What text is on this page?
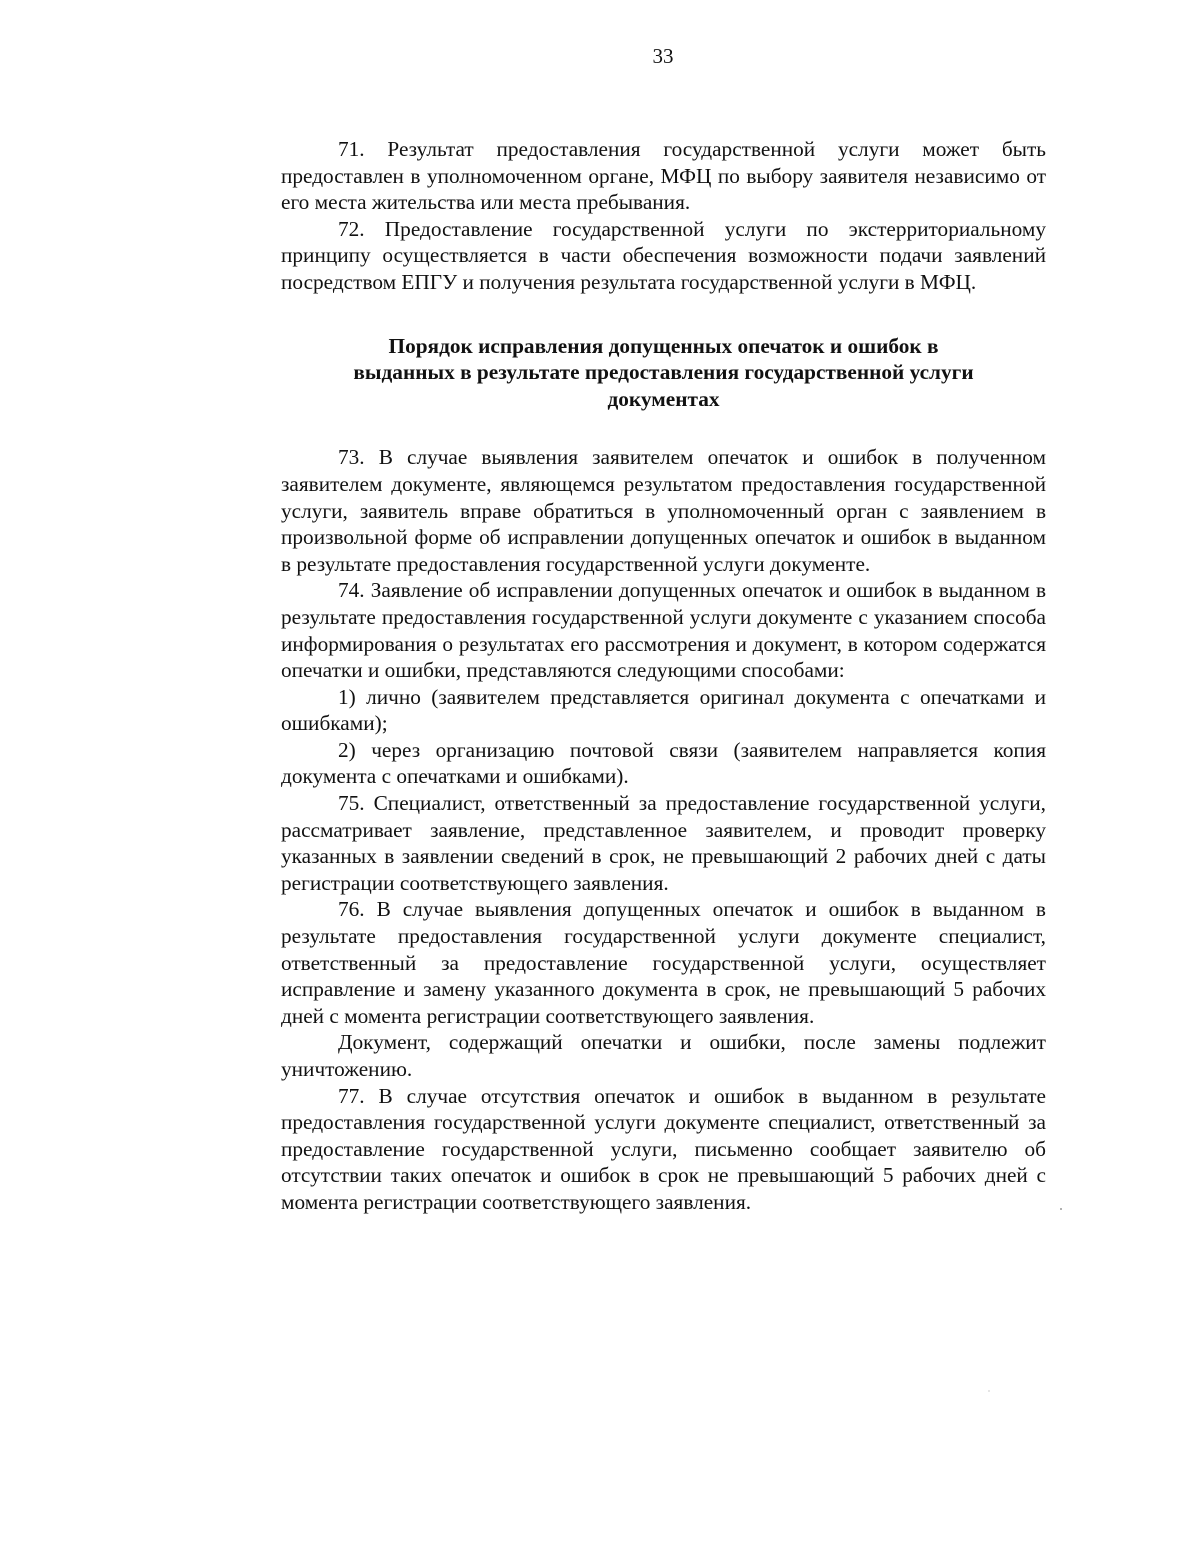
33

71. Результат предоставления государственной услуги может быть предоставлен в уполномоченном органе, МФЦ по выбору заявителя независимо от его места жительства или места пребывания.

72. Предоставление государственной услуги по экстерриториальному принципу осуществляется в части обеспечения возможности подачи заявлений посредством ЕПГУ и получения результата государственной услуги в МФЦ.

Порядок исправления допущенных опечаток и ошибок в
выданных в результате предоставления государственной услуги
документах

73. В случае выявления заявителем опечаток и ошибок в полученном заявителем документе, являющемся результатом предоставления государственной услуги, заявитель вправе обратиться в уполномоченный орган с заявлением в произвольной форме об исправлении допущенных опечаток и ошибок в выданном в результате предоставления государственной услуги документе.

74. Заявление об исправлении допущенных опечаток и ошибок в выданном в результате предоставления государственной услуги документе с указанием способа информирования о результатах его рассмотрения и документ, в котором содержатся опечатки и ошибки, представляются следующими способами:

1) лично (заявителем представляется оригинал документа с опечатками и ошибками);

2) через организацию почтовой связи (заявителем направляется копия документа с опечатками и ошибками).

75. Специалист, ответственный за предоставление государственной услуги, рассматривает заявление, представленное заявителем, и проводит проверку указанных в заявлении сведений в срок, не превышающий 2 рабочих дней с даты регистрации соответствующего заявления.

76. В случае выявления допущенных опечаток и ошибок в выданном в результате предоставления государственной услуги документе специалист, ответственный за предоставление государственной услуги, осуществляет исправление и замену указанного документа в срок, не превышающий 5 рабочих дней с момента регистрации соответствующего заявления.

Документ, содержащий опечатки и ошибки, после замены подлежит уничтожению.

77. В случае отсутствия опечаток и ошибок в выданном в результате предоставления государственной услуги документе специалист, ответственный за предоставление государственной услуги, письменно сообщает заявителю об отсутствии таких опечаток и ошибок в срок не превышающий 5 рабочих дней с момента регистрации соответствующего заявления.
